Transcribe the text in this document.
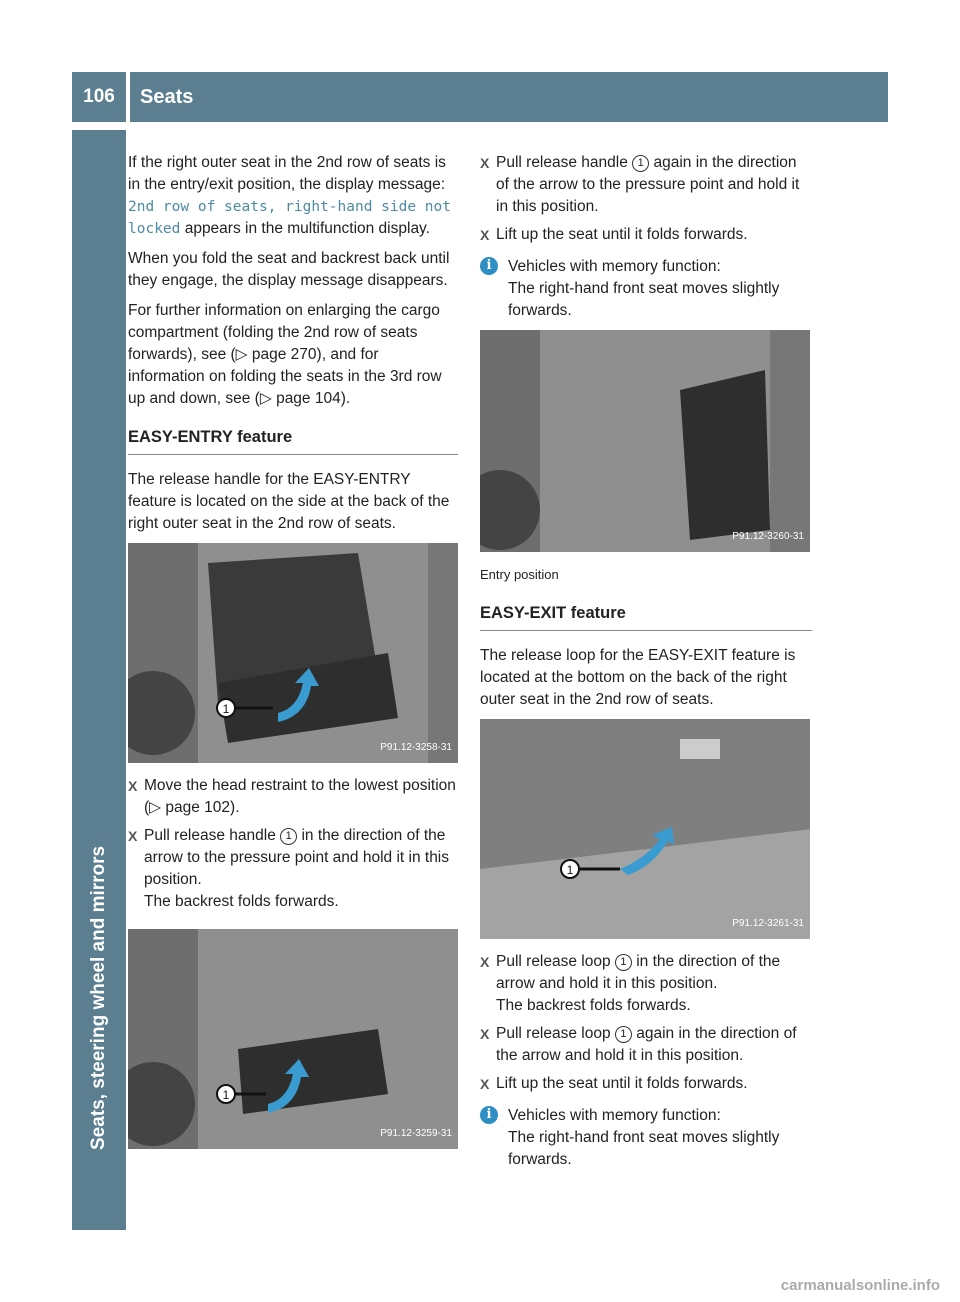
106	Seats
Seats, steering wheel and mirrors

If the right outer seat in the 2nd row of seats is in the entry/exit position, the display message: 2nd row of seats, right-hand side not locked appears in the multifunction display.

When you fold the seat and backrest back until they engage, the display message disappears.

For further information on enlarging the cargo compartment (folding the 2nd row of seats forwards), see (▷ page 270), and for information on folding the seats in the 3rd row up and down, see (▷ page 104).

EASY-ENTRY feature

The release handle for the EASY-ENTRY feature is located on the side at the back of the right outer seat in the 2nd row of seats.

1
P91.12-3258-31
X Move the head restraint to the lowest position (▷ page 102).
X Pull release handle 1 in the direction of the arrow to the pressure point and hold it in this position.
The backrest folds forwards.
1
P91.12-3259-31
X Pull release handle 1 again in the direction of the arrow to the pressure point and hold it in this position.
X Lift up the seat until it folds forwards.
i	Vehicles with memory function:
The right-hand front seat moves slightly forwards.
P91.12-3260-31
Entry position
EASY-EXIT feature

The release loop for the EASY-EXIT feature is located at the bottom on the back of the right outer seat in the 2nd row of seats.

1
P91.12-3261-31
X Pull release loop 1 in the direction of the arrow and hold it in this position.
The backrest folds forwards.
X Pull release loop 1 again in the direction of the arrow and hold it in this position.
X Lift up the seat until it folds forwards.
i	Vehicles with memory function:
The right-hand front seat moves slightly forwards.
carmanualsonline.info
